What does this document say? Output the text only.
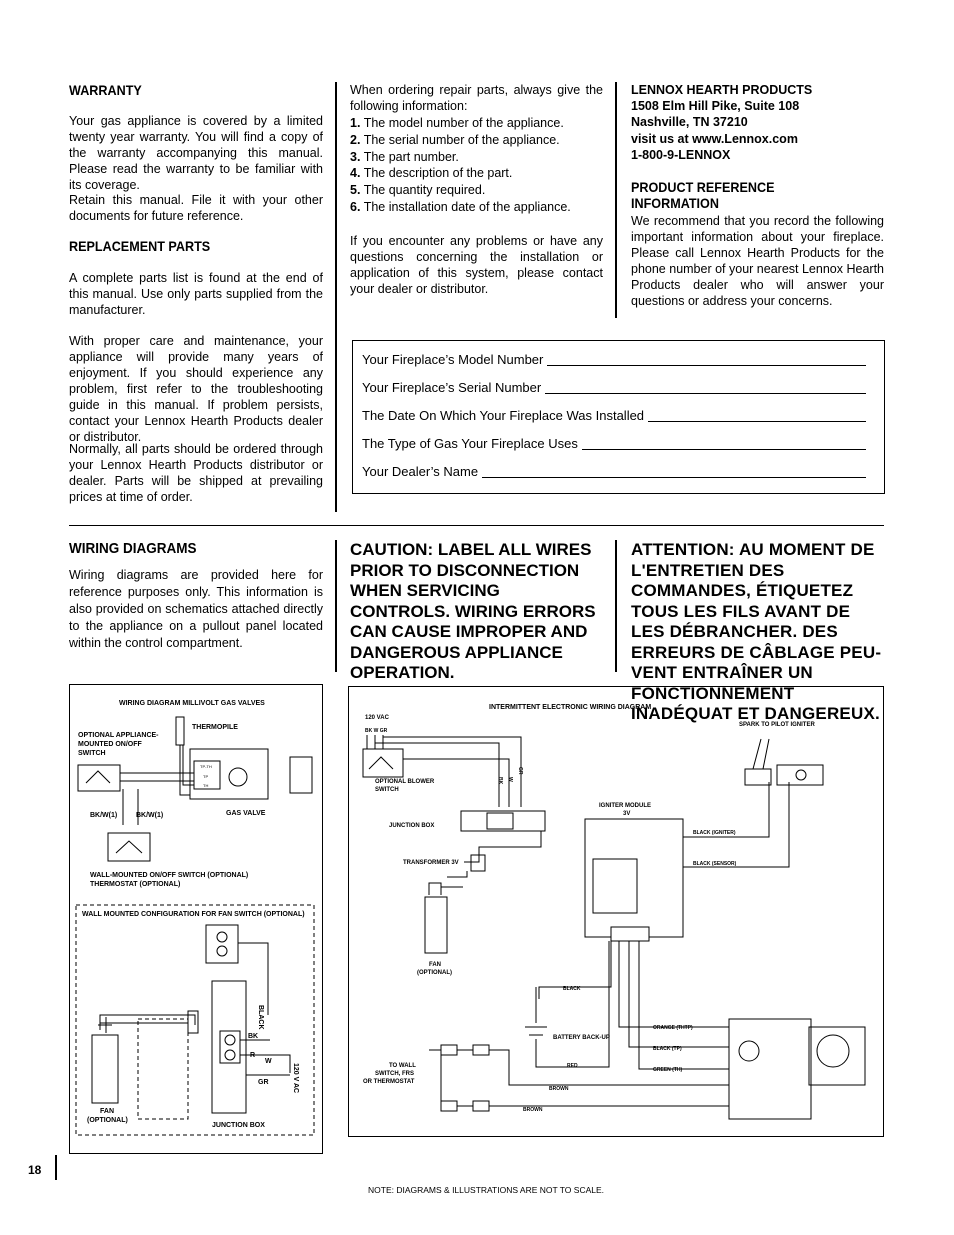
WARRANTY

Your gas appliance is covered by a limited twenty year warranty. You will find a copy of the warranty accompanying this manual. Please read the warranty to be familiar with its coverage.

Retain this manual. File it with your other documents for future reference.

REPLACEMENT PARTS

A complete parts list is found at the end of this manual. Use only parts supplied from the manufacturer.

With proper care and maintenance, your appliance will provide many years of enjoyment. If you should experience any problem, first refer to the troubleshooting guide in this manual. If problem persists, contact your Lennox Hearth Products dealer or distributor.

Normally, all parts should be ordered through your Lennox Hearth Products distributor or dealer. Parts will be shipped at prevailing prices at time of order.

When ordering repair parts, always give the following information:

1. The model number of the appliance.
2. The serial number of the appliance.
3. The part number.
4. The description of the part.
5. The quantity required.
6. The installation date of the appliance.

If you encounter any problems or have any questions concerning the installation or application of this system, please contact your dealer or distributor.

LENNOX HEARTH PRODUCTS
1508 Elm Hill Pike, Suite 108
Nashville, TN 37210
visit us at www.Lennox.com
1-800-9-LENNOX
PRODUCT REFERENCE INFORMATION

We recommend that you record the following important information about your fireplace. Please call Lennox Hearth Products for the phone number of your nearest Lennox Hearth Products dealer who will answer your questions or address your concerns.

Your Fireplace’s Model Number
Your Fireplace’s Serial Number
The Date On Which Your Fireplace Was Installed
The Type of Gas Your Fireplace Uses
Your Dealer’s Name
WIRING DIAGRAMS

Wiring diagrams are provided here for reference purposes only. This information is also provided on schematics attached directly to the appliance on a pullout panel located within the control compartment.

CAUTION: LABEL ALL WIRES PRIOR TO DISCONNECTION WHEN SERVICING CONTROLS. WIRING ERRORS CAN CAUSE IMPROPER AND DANGEROUS APPLIANCE OPERATION.
ATTENTION: AU MOMENT DE L'ENTRETIEN DES COMMANDES, ÉTIQUETEZ TOUS LES FILS AVANT DE LES DÉBRANCHER. DES ERREURS DE CÂBLAGE PEU-VENT ENTRAÎNER UN FONCTIONNEMENT INADÉQUAT ET DANGEREUX.
WIRING DIAGRAM MILLIVOLT GAS VALVES
THERMOPILE
OPTIONAL APPLIANCE-
MOUNTED ON/OFF
SWITCH
GAS VALVE
BK/W(1)	BK/W(1)
WALL-MOUNTED ON/OFF SWITCH (OPTIONAL)
THERMOSTAT (OPTIONAL)
WALL MOUNTED CONFIGURATION FOR FAN SWITCH (OPTIONAL)
BLACK
BK
R
W
GR	120 V AC
FAN
(OPTIONAL)
JUNCTION BOX
TP-TH
TP
TH
INTERMITTENT ELECTRONIC WIRING DIAGRAM
120 VAC
BK W GR
SPARK TO PILOT IGNITER
OPTIONAL BLOWER
SWITCH
BK W
GR
IGNITER MODULE
3V
JUNCTION BOX
BLACK (IGNITER)
BLACK (SENSOR)
TRANSFORMER 3V
FAN
(OPTIONAL)
BLACK
BATTERY BACK-UP
ORANGE (THTP)
BLACK (TP)
GREEN (TH)
RED
BROWN
BROWN
TO WALL
SWITCH, FRS
OR THERMOSTAT
18
NOTE: DIAGRAMS & ILLUSTRATIONS ARE NOT TO SCALE.
